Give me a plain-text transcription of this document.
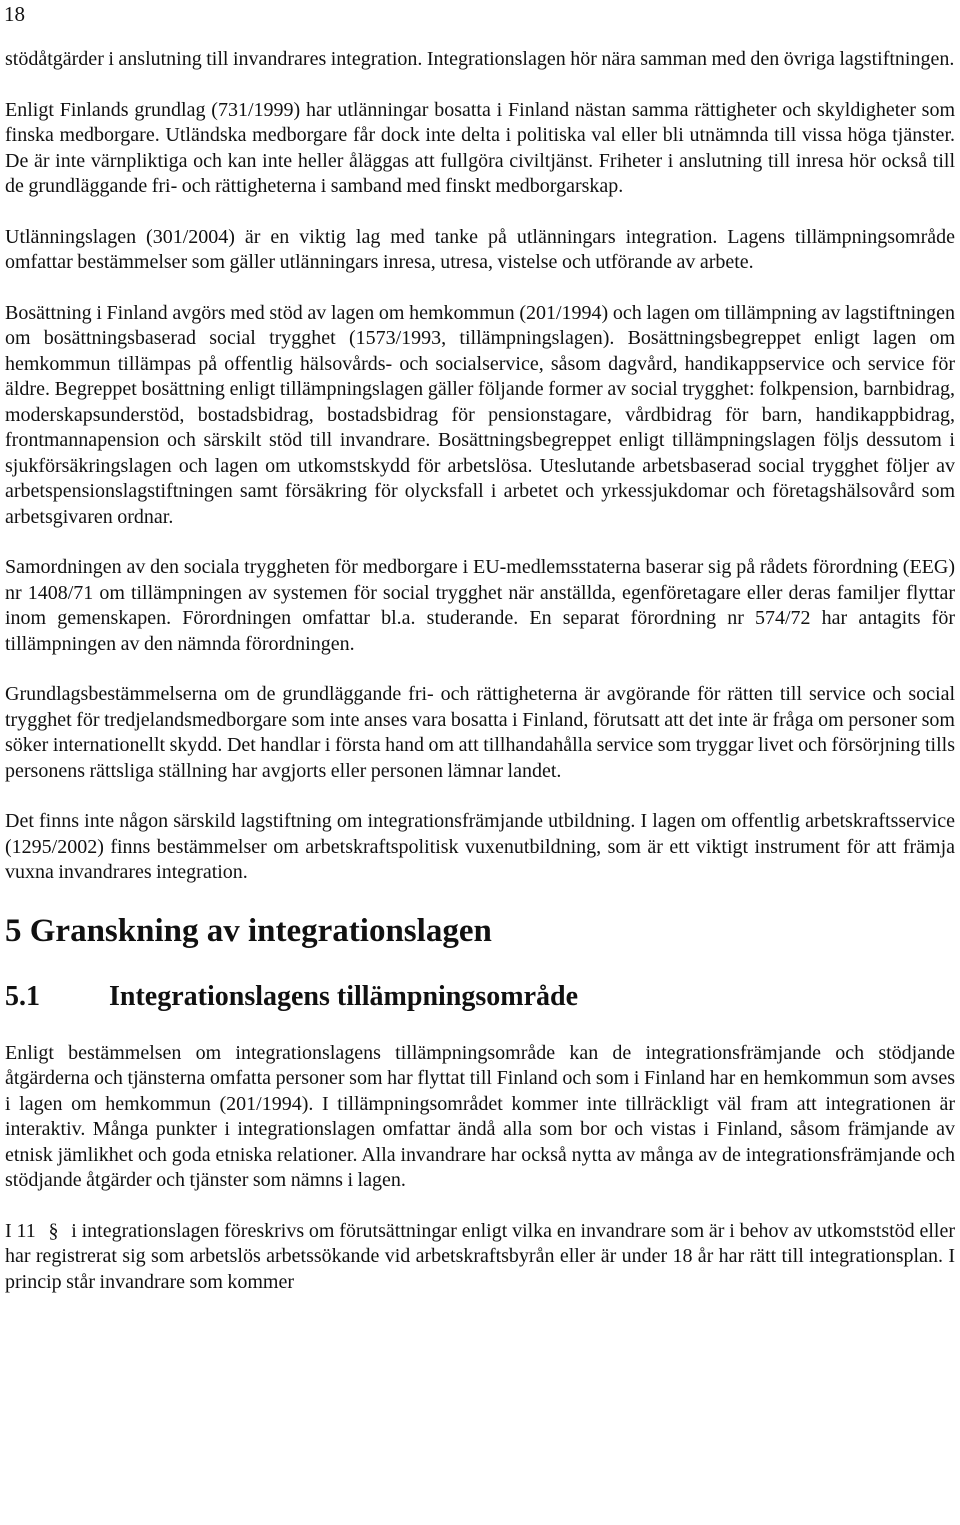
18

stödåtgärder i anslutning till invandrares integration. Integrationslagen hör nära samman med den övriga lagstiftningen.

Enligt Finlands grundlag (731/1999) har utlänningar bosatta i Finland nästan samma rättigheter och skyldigheter som finska medborgare. Utländska medborgare får dock inte delta i politiska val eller bli utnämnda till vissa höga tjänster. De är inte värnpliktiga och kan inte heller åläggas att fullgöra civiltjänst. Friheter i anslutning till inresa hör också till de grundläggande fri- och rättigheterna i samband med finskt medborgarskap.

Utlänningslagen (301/2004) är en viktig lag med tanke på utlänningars integration. Lagens tillämpningsområde omfattar bestämmelser som gäller utlänningars inresa, utresa, vistelse och utförande av arbete.

Bosättning i Finland avgörs med stöd av lagen om hemkommun (201/1994) och lagen om tillämpning av lagstiftningen om bosättningsbaserad social trygghet (1573/1993, tillämpningslagen). Bosättningsbegreppet enligt lagen om hemkommun tillämpas på offentlig hälsovårds- och socialservice, såsom dagvård, handikappservice och service för äldre. Begreppet bosättning enligt tillämpningslagen gäller följande former av social trygghet: folkpension, barnbidrag, moderskapsunderstöd, bostadsbidrag, bostadsbidrag för pensionstagare, vårdbidrag för barn, handikappbidrag, frontmannapension och särskilt stöd till invandrare. Bosättningsbegreppet enligt tillämpningslagen följs dessutom i sjukförsäkringslagen och lagen om utkomstskydd för arbetslösa. Uteslutande arbetsbaserad social trygghet följer av arbetspensionslagstiftningen samt försäkring för olycksfall i arbetet och yrkessjukdomar och företagshälsovård som arbetsgivaren ordnar.

Samordningen av den sociala tryggheten för medborgare i EU-medlemsstaterna baserar sig på rådets förordning (EEG) nr 1408/71 om tillämpningen av systemen för social trygghet när anställda, egenföretagare eller deras familjer flyttar inom gemenskapen. Förordningen omfattar bl.a. studerande. En separat förordning nr 574/72 har antagits för tillämpningen av den nämnda förordningen.

Grundlagsbestämmelserna om de grundläggande fri- och rättigheterna är avgörande för rätten till service och social trygghet för tredjelandsmedborgare som inte anses vara bosatta i Finland, förutsatt att det inte är fråga om personer som söker internationellt skydd. Det handlar i första hand om att tillhandahålla service som tryggar livet och försörjning tills personens rättsliga ställning har avgjorts eller personen lämnar landet.

Det finns inte någon särskild lagstiftning om integrationsfrämjande utbildning. I lagen om offentlig arbetskraftsservice (1295/2002) finns bestämmelser om arbetskraftspolitisk vuxenutbildning, som är ett viktigt instrument för att främja vuxna invandrares integration.

5 Granskning av integrationslagen
5.1 Integrationslagens tillämpningsområde

Enligt bestämmelsen om integrationslagens tillämpningsområde kan de integrationsfrämjande och stödjande åtgärderna och tjänsterna omfatta personer som har flyttat till Finland och som i Finland har en hemkommun som avses i lagen om hemkommun (201/1994). I tillämpningsområdet kommer inte tillräckligt väl fram att integrationen är interaktiv. Många punkter i integrationslagen omfattar ändå alla som bor och vistas i Finland, såsom främjande av etnisk jämlikhet och goda etniska relationer. Alla invandrare har också nytta av många av de integrationsfrämjande och stödjande åtgärder och tjänster som nämns i lagen.

I 11 § i integrationslagen föreskrivs om förutsättningar enligt vilka en invandrare som är i behov av utkomststöd eller har registrerat sig som arbetslös arbetssökande vid arbetskraftsbyrån eller är under 18 år har rätt till integrationsplan. I princip står invandrare som kommer
